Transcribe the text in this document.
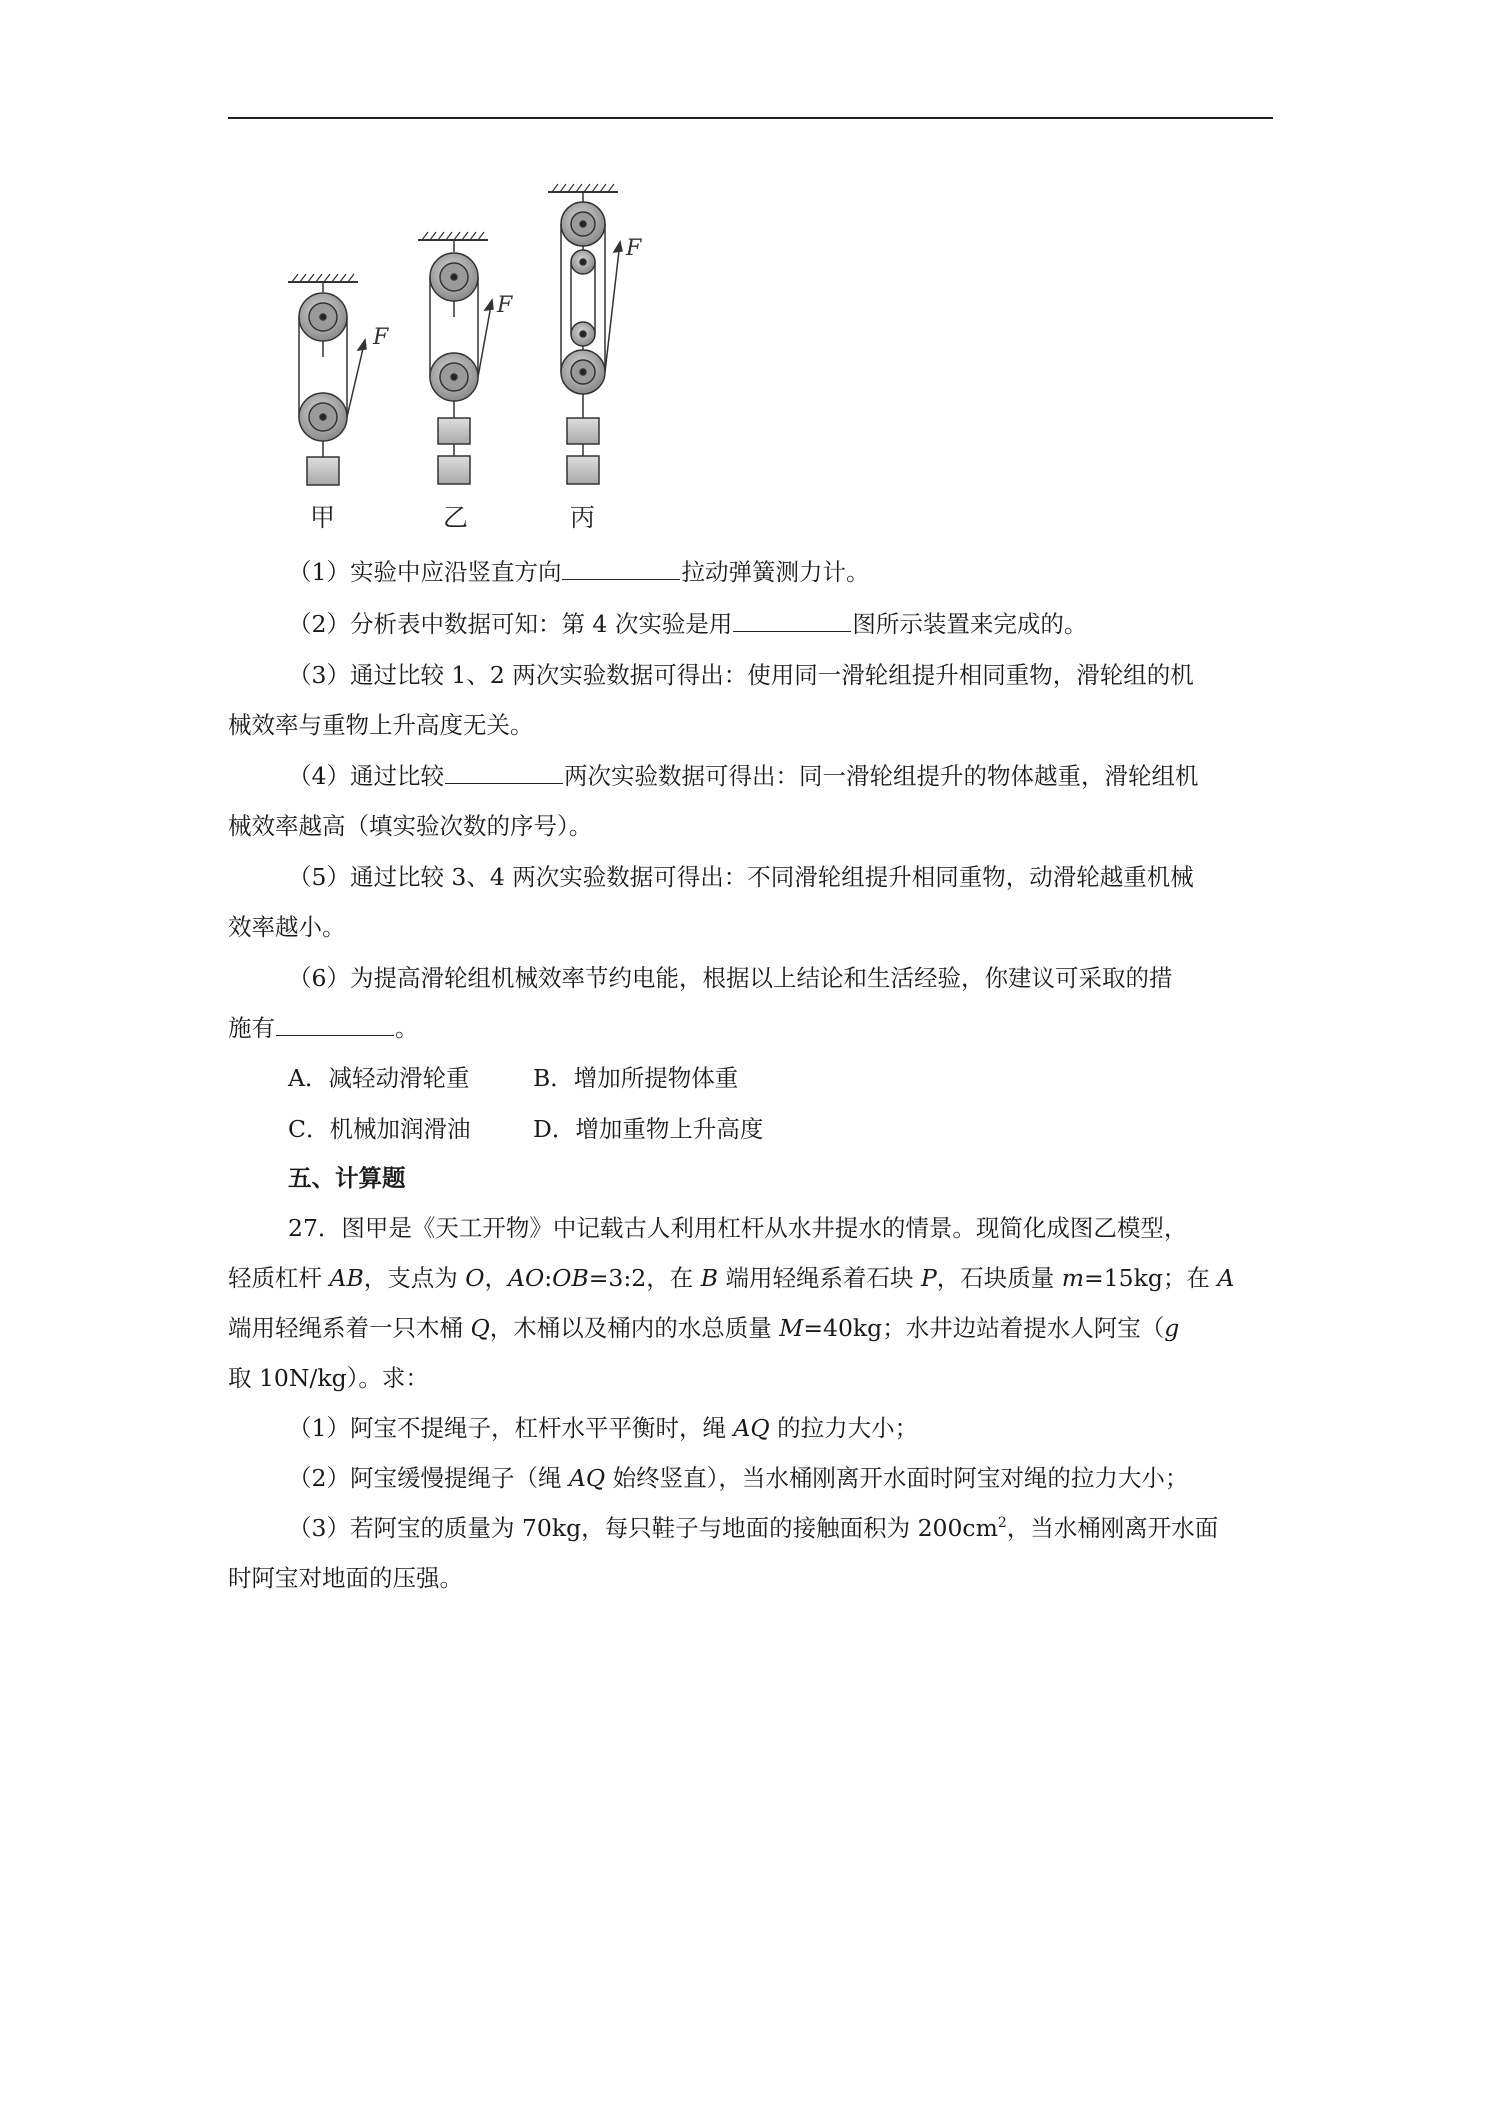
F
F
F
甲	乙	丙
（1）实验中应沿竖直方向	拉动弹簧测力计。
（2）分析表中数据可知：第 4 次实验是用	图所示装置来完成的。
（3）通过比较 1、2 两次实验数据可得出：使用同一滑轮组提升相同重物，滑轮组的机
械效率与重物上升高度无关。
（4）通过比较	两次实验数据可得出：同一滑轮组提升的物体越重，滑轮组机
械效率越高（填实验次数的序号）。
（5）通过比较 3、4 两次实验数据可得出：不同滑轮组提升相同重物，动滑轮越重机械
效率越小。
（6）为提高滑轮组机械效率节约电能，根据以上结论和生活经验，你建议可采取的措
施有	。
A．减轻动滑轮重	B．增加所提物体重
C．机械加润滑油	D．增加重物上升高度
五、计算题
27．图甲是《天工开物》中记载古人利用杠杆从水井提水的情景。现简化成图乙模型，
轻质杠杆 AB，支点为 O，AO:OB=3:2，在 B 端用轻绳系着石块 P，石块质量 m=15kg；在 A
端用轻绳系着一只木桶 Q，木桶以及桶内的水总质量 M=40kg；水井边站着提水人阿宝（g
取 10N/kg）。求：
（1）阿宝不提绳子，杠杆水平平衡时，绳 AQ 的拉力大小；
（2）阿宝缓慢提绳子（绳 AQ 始终竖直），当水桶刚离开水面时阿宝对绳的拉力大小；
（3）若阿宝的质量为 70kg，每只鞋子与地面的接触面积为 $200cm^2$，当水桶刚离开水面
时阿宝对地面的压强。
